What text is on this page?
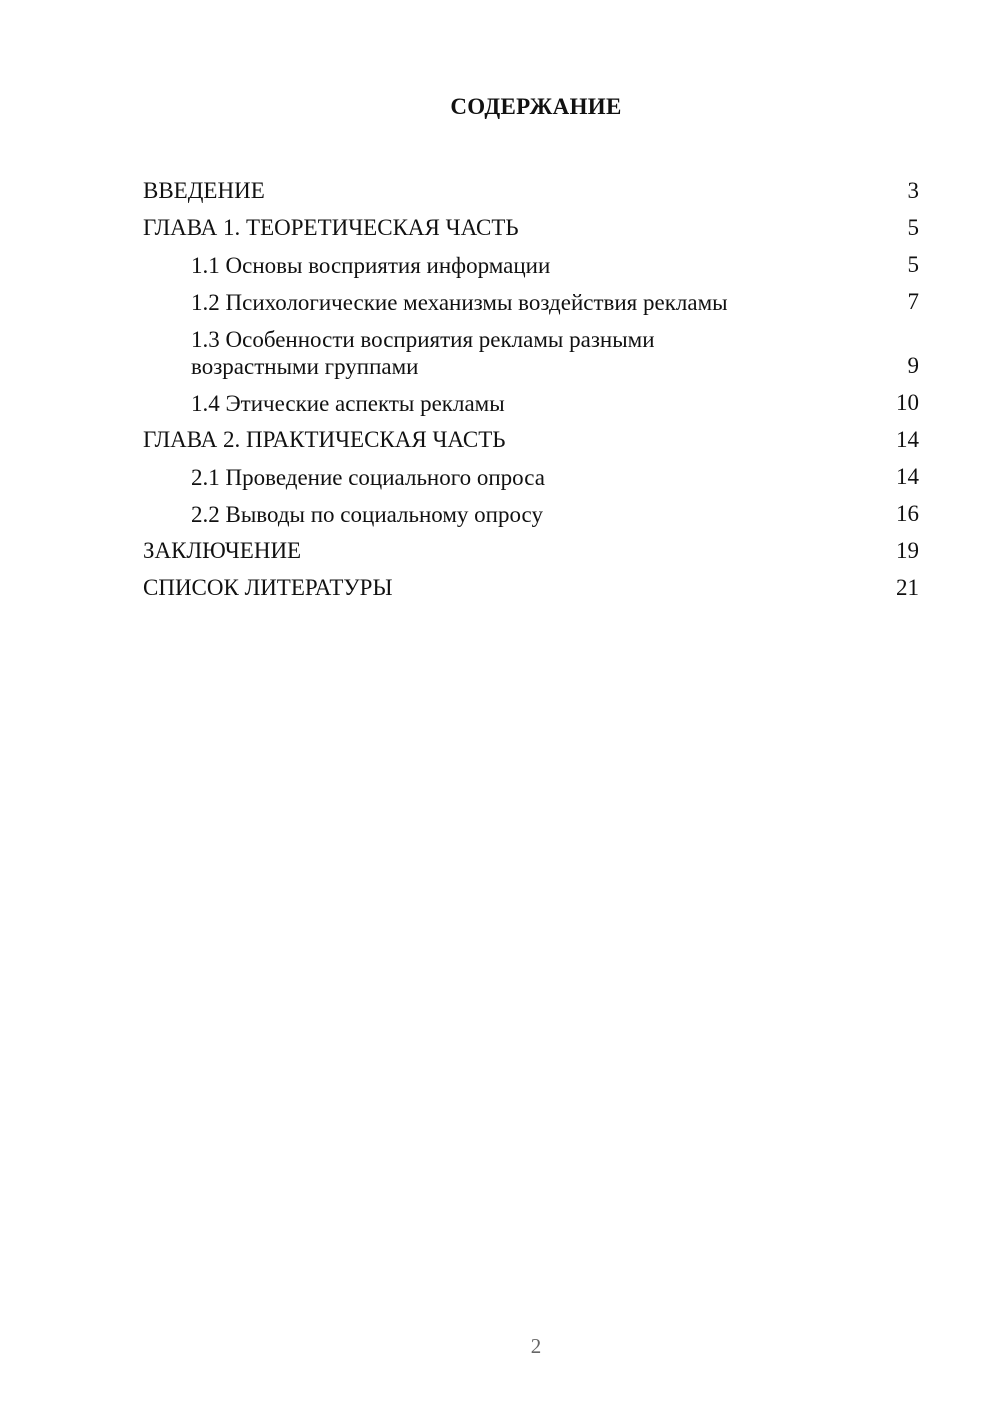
СОДЕРЖАНИЕ
ВВЕДЕНИЕ	3
ГЛАВА 1. ТЕОРЕТИЧЕСКАЯ ЧАСТЬ	5
1.1 Основы восприятия информации	5
1.2 Психологические механизмы воздействия рекламы	7
1.3 Особенности восприятия рекламы разными
возрастными группами	9
1.4 Этические аспекты рекламы	10
ГЛАВА 2. ПРАКТИЧЕСКАЯ ЧАСТЬ	14
2.1 Проведение социального опроса	14
2.2 Выводы по социальному опросу	16
ЗАКЛЮЧЕНИЕ	19
СПИСОК ЛИТЕРАТУРЫ	21
2
